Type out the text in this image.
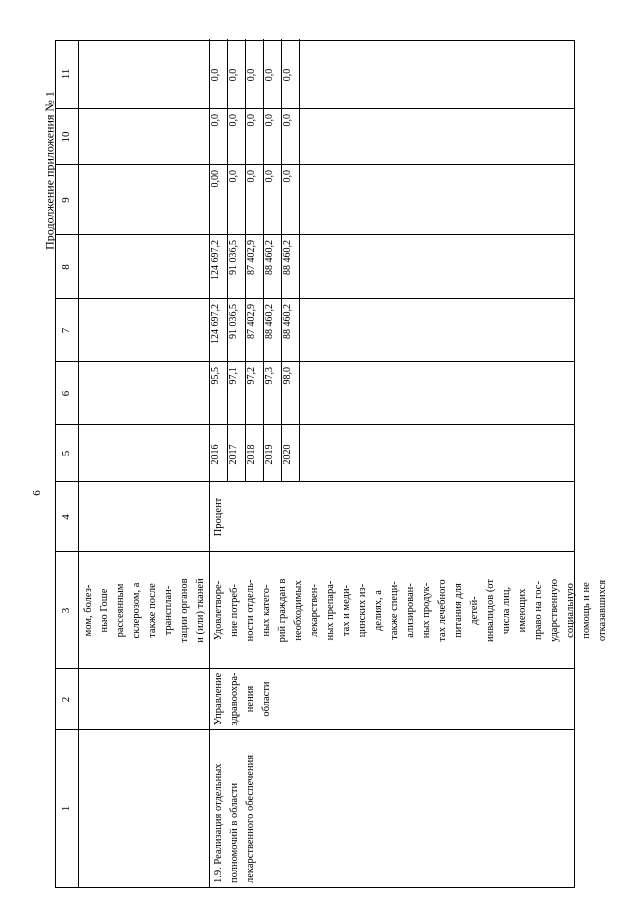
6
Продолжение приложения № 1
1
2
3
4
5
6
7
8
9
10
11
мом, болез- нью Гоше рассеянным склерозом, а также после трансплан- тации органов и (или) тканей
1.9. Реализация отдельных полномочий в области лекарственного обеспечения
Управление здравоохра- нения области
Удовлетворе- ние потреб- ности отдель- ных катего- рий граждан в необходимых лекарствен- ных препара- тах и меди- цинских из- делиях, а также специ- ализирован- ных продук- тах лечебного питания для детей- инвалидов (от числа лиц, имеющих право на гос- ударственную социальную помощь и не отказавшихся
Процент
2016
95,5
124 697,2
124 697,2
0,00
0,0
0,0
2017
97,1
91 036,5
91 036,5
0,0
0,0
0,0
2018
97,2
87 402,9
87 402,9
0,0
0,0
0,0
2019
97,3
88 460,2
88 460,2
0,0
0,0
0,0
2020
98,0
88 460,2
88 460,2
0,0
0,0
0,0
